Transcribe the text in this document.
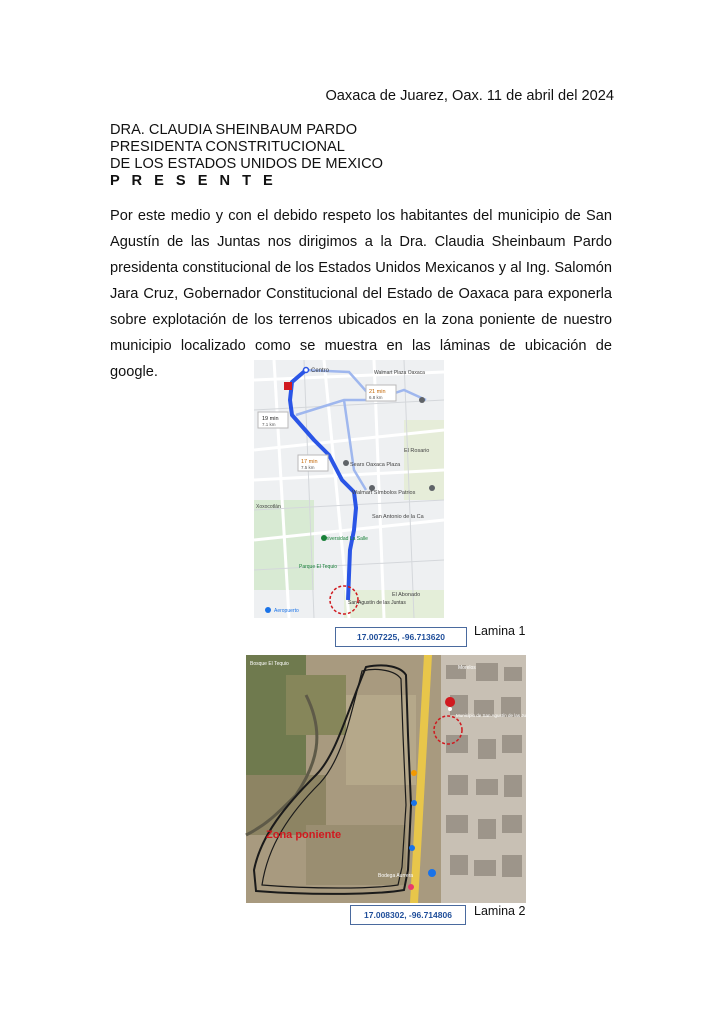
Oaxaca de Juarez, Oax. 11 de abril del 2024
DRA. CLAUDIA SHEINBAUM PARDO
PRESIDENTA CONSTRITUCIONAL
DE LOS ESTADOS UNIDOS DE MEXICO
P R E S E N T E
Por este medio y con el debido respeto los habitantes del municipio de San Agustín de las Juntas nos dirigimos a la Dra. Claudia Sheinbaum Pardo presidenta constitucional de los Estados Unidos Mexicanos y al Ing. Salomón Jara Cruz, Gobernador Constitucional del Estado de Oaxaca para exponerla sobre explotación de los terrenos ubicados en la zona poniente de nuestro municipio localizado como se muestra en las láminas de ubicación de google.	Centro	Walmart Plaza Oaxaca
21 min
6.8 km
19 min
7.1 km
17 min
7.5 km
El Rosario
Sears Oaxaca Plaza
Walmart Símbolos Patrios
San Antonio de la Ca
Universidad La Salle
Xoxocotlán
Parque El Tequio
El Abonado
San Agustín de las Juntas
Aeropuerto
17.007225, -96.713620	Lamina 1
Zona poniente
Bosque El Tequio
Municipio de San Agustín de las Juntas
Bodega Aurrera
Morelos
17.008302, -96.714806	Lamina 2
